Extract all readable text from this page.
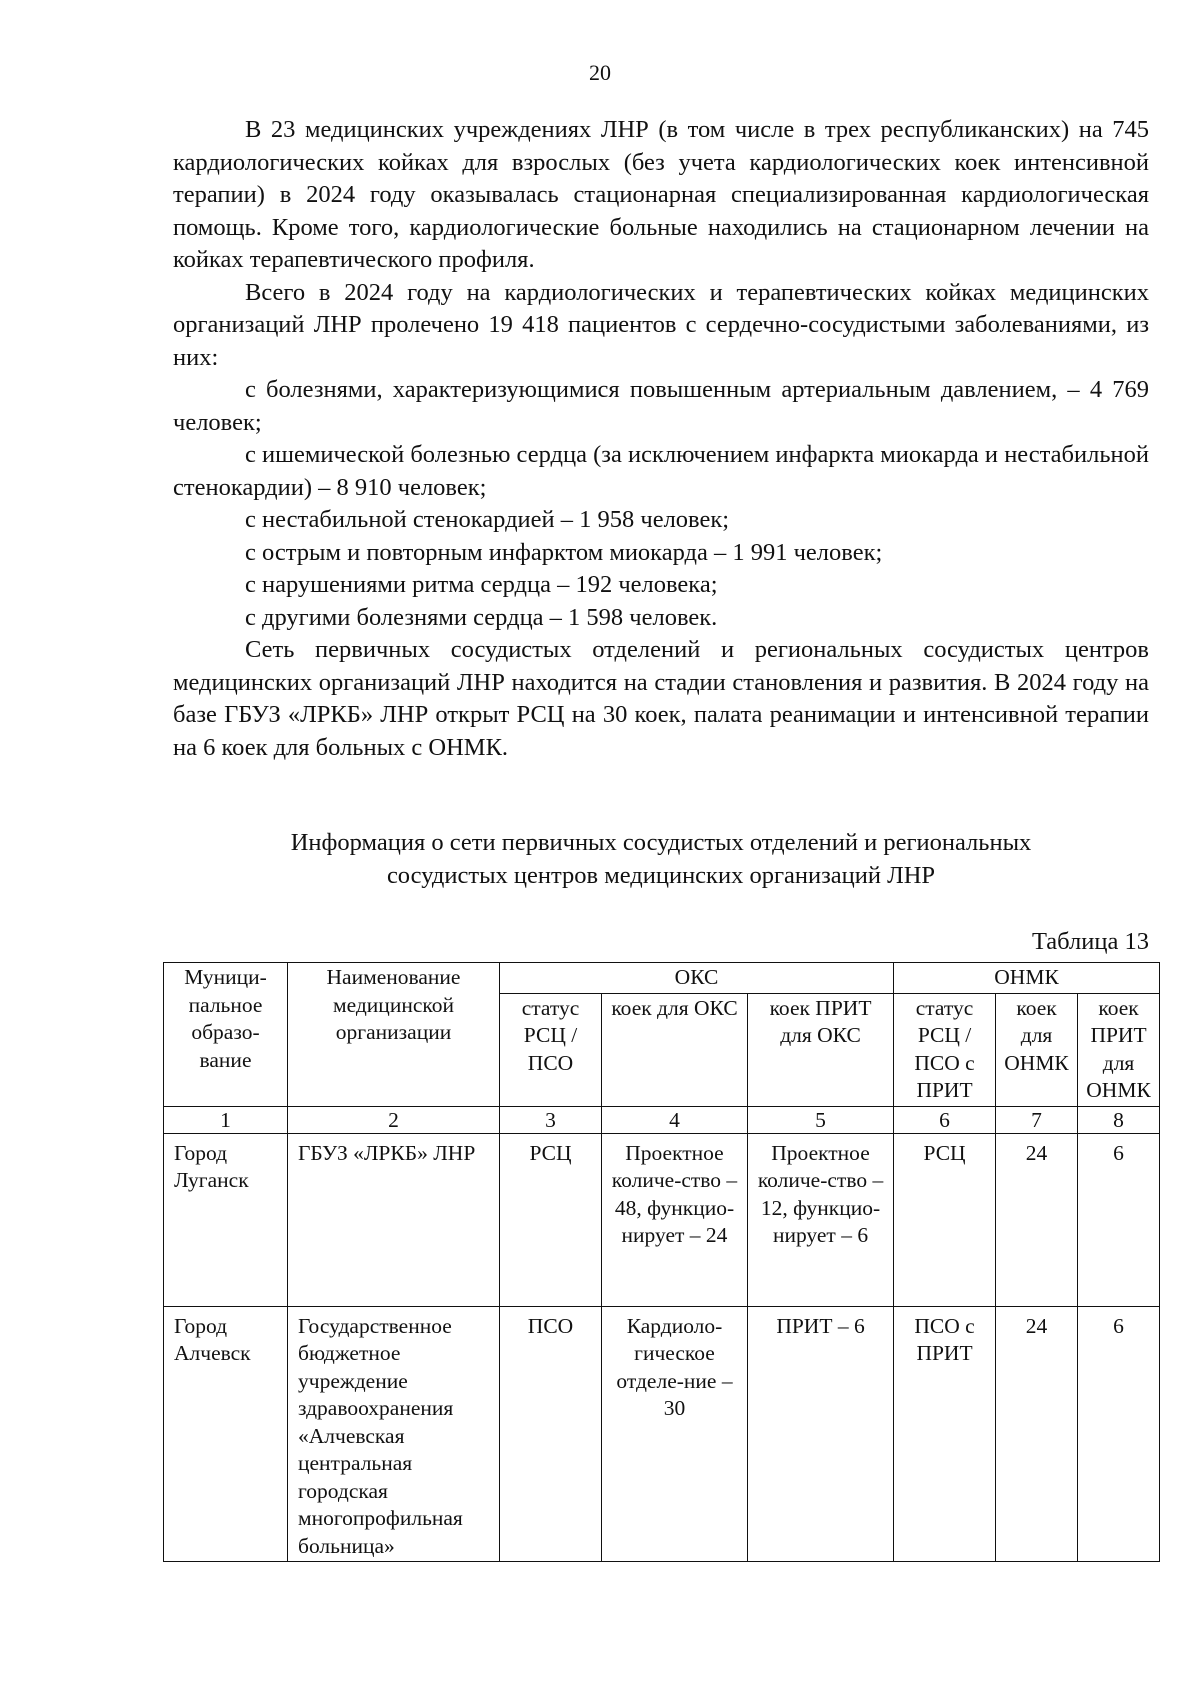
20

В 23 медицинских учреждениях ЛНР (в том числе в трех республиканских) на 745 кардиологических койках для взрослых (без учета кардиологических коек интенсивной терапии) в 2024 году оказывалась стационарная специализированная кардиологическая помощь. Кроме того, кардиологические больные находились на стационарном лечении на койках терапевтического профиля.

Всего в 2024 году на кардиологических и терапевтических койках медицинских организаций ЛНР пролечено 19 418 пациентов с сердечно-сосудистыми заболеваниями, из них:

с болезнями, характеризующимися повышенным артериальным давлением, – 4 769 человек;

с ишемической болезнью сердца (за исключением инфаркта миокарда и нестабильной стенокардии) – 8 910 человек;

с нестабильной стенокардией – 1 958 человек;

с острым и повторным инфарктом миокарда – 1 991 человек;

с нарушениями ритма сердца – 192 человека;

с другими болезнями сердца – 1 598 человек.

Сеть первичных сосудистых отделений и региональных сосудистых центров медицинских организаций ЛНР находится на стадии становления и развития. В 2024 году на базе ГБУЗ «ЛРКБ» ЛНР открыт РСЦ на 30 коек, палата реанимации и интенсивной терапии на 6 коек для больных с ОНМК.

Информация о сети первичных сосудистых отделений и региональных
сосудистых центров медицинских организаций ЛНР
Таблица 13
Муници-пальное образо-вание	Наименование медицинской организации	ОКС			ОНМК		
		статус РСЦ / ПСО	коек для ОКС	коек ПРИТ для ОКС	статус РСЦ / ПСО с ПРИТ	коек для ОНМК	коек ПРИТ для ОНМК
1	2	3	4	5	6	7	8
Город Луганск	ГБУЗ «ЛРКБ» ЛНР	РСЦ	Проектное количе-ство – 48, функцио-нирует – 24	Проектное количе-ство – 12, функцио-нирует – 6	РСЦ	24	6
Город Алчевск	Государственное бюджетное учреждение здравоохранения «Алчевская центральная городская многопрофильная больница»	ПСО	Кардиоло-гическое отделе-ние – 30	ПРИТ – 6	ПСО с ПРИТ	24	6
